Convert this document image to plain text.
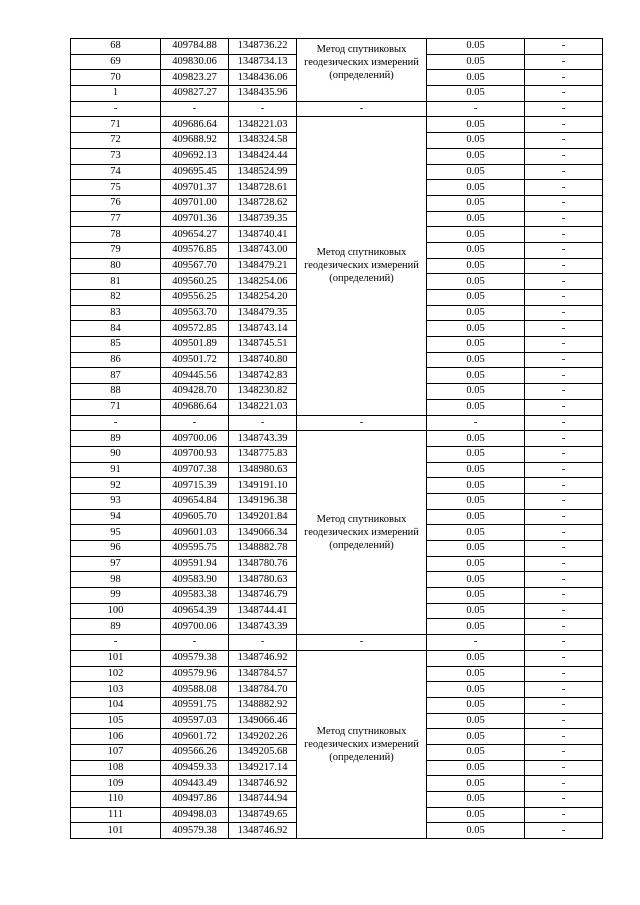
68	409784.88	1348736.22	Метод спутниковых геодезических измерений (определений)	0.05	-
69	409830.06	1348734.13		0.05	-
70	409823.27	1348436.06		0.05	-
1	409827.27	1348435.96		0.05	-
-	-	-	-	-	-
71	409686.64	1348221.03	Метод спутниковых геодезических измерений (определений)	0.05	-
72	409688.92	1348324.58		0.05	-
73	409692.13	1348424.44		0.05	-
74	409695.45	1348524.99		0.05	-
75	409701.37	1348728.61		0.05	-
76	409701.00	1348728.62		0.05	-
77	409701.36	1348739.35		0.05	-
78	409654.27	1348740.41		0.05	-
79	409576.85	1348743.00		0.05	-
80	409567.70	1348479.21		0.05	-
81	409560.25	1348254.06		0.05	-
82	409556.25	1348254.20		0.05	-
83	409563.70	1348479.35		0.05	-
84	409572.85	1348743.14		0.05	-
85	409501.89	1348745.51		0.05	-
86	409501.72	1348740.80		0.05	-
87	409445.56	1348742.83		0.05	-
88	409428.70	1348230.82		0.05	-
71	409686.64	1348221.03		0.05	-
-	-	-	-	-	-
89	409700.06	1348743.39	Метод спутниковых геодезических измерений (определений)	0.05	-
90	409700.93	1348775.83		0.05	-
91	409707.38	1348980.63		0.05	-
92	409715.39	1349191.10		0.05	-
93	409654.84	1349196.38		0.05	-
94	409605.70	1349201.84		0.05	-
95	409601.03	1349066.34		0.05	-
96	409595.75	1348882.78		0.05	-
97	409591.94	1348780.76		0.05	-
98	409583.90	1348780.63		0.05	-
99	409583.38	1348746.79		0.05	-
100	409654.39	1348744.41		0.05	-
89	409700.06	1348743.39		0.05	-
-	-	-	-	-	-
101	409579.38	1348746.92	Метод спутниковых геодезических измерений (определений)	0.05	-
102	409579.96	1348784.57		0.05	-
103	409588.08	1348784.70		0.05	-
104	409591.75	1348882.92		0.05	-
105	409597.03	1349066.46		0.05	-
106	409601.72	1349202.26		0.05	-
107	409566.26	1349205.68		0.05	-
108	409459.33	1349217.14		0.05	-
109	409443.49	1348746.92		0.05	-
110	409497.86	1348744.94		0.05	-
111	409498.03	1348749.65		0.05	-
101	409579.38	1348746.92		0.05	-
